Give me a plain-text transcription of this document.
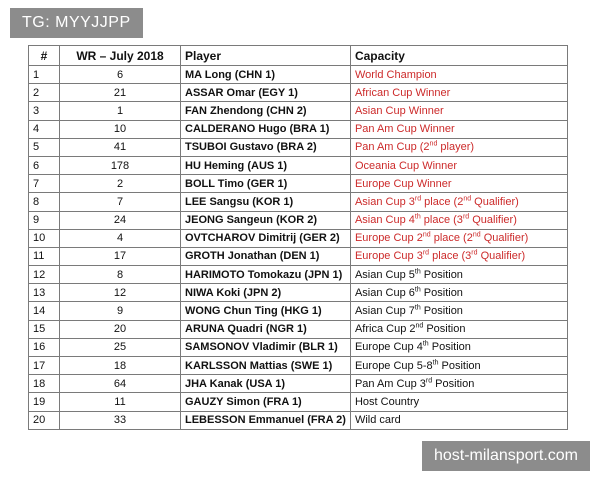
TG: MYYJJPP
#	WR – July 2018	Player	Capacity
1	6	MA Long (CHN 1)	World Champion
2	21	ASSAR Omar (EGY 1)	African Cup Winner
3	1	FAN Zhendong (CHN 2)	Asian Cup Winner
4	10	CALDERANO Hugo (BRA 1)	Pan Am Cup Winner
5	41	TSUBOI Gustavo (BRA 2)	Pan Am Cup (2nd player)
6	178	HU Heming (AUS 1)	Oceania Cup Winner
7	2	BOLL Timo (GER 1)	Europe Cup Winner
8	7	LEE Sangsu (KOR 1)	Asian Cup 3rd place (2nd Qualifier)
9	24	JEONG Sangeun (KOR 2)	Asian Cup 4th place (3rd Qualifier)
10	4	OVTCHAROV Dimitrij (GER 2)	Europe Cup 2nd place (2nd Qualifier)
11	17	GROTH Jonathan (DEN 1)	Europe Cup 3rd place (3rd Qualifier)
12	8	HARIMOTO Tomokazu (JPN 1)	Asian Cup 5th Position
13	12	NIWA Koki (JPN 2)	Asian Cup 6th Position
14	9	WONG Chun Ting (HKG 1)	Asian Cup 7th Position
15	20	ARUNA Quadri (NGR 1)	Africa Cup 2nd Position
16	25	SAMSONOV Vladimir (BLR 1)	Europe Cup 4th Position
17	18	KARLSSON Mattias (SWE 1)	Europe Cup 5-8th Position
18	64	JHA Kanak (USA 1)	Pan Am Cup 3rd Position
19	11	GAUZY Simon (FRA 1)	Host Country
20	33	LEBESSON Emmanuel (FRA 2)	Wild card
host-milansport.com
